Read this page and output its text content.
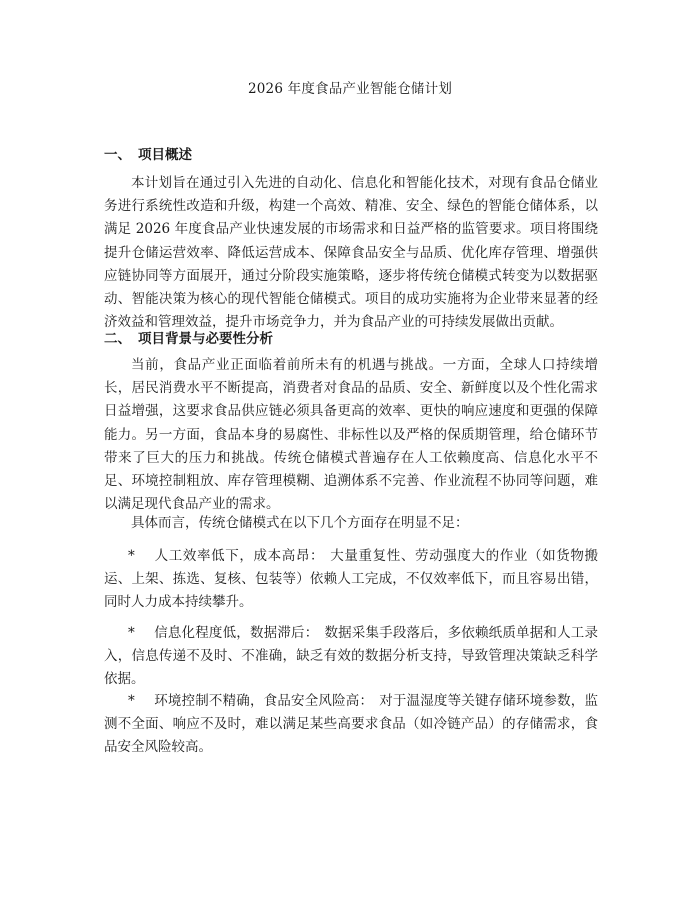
2026 年度食品产业智能仓储计划
一、 项目概述
本计划旨在通过引入先进的自动化、信息化和智能化技术，对现有食品仓储业务进行系统性改造和升级，构建一个高效、精准、安全、绿色的智能仓储体系，以满足 2026 年度食品产业快速发展的市场需求和日益严格的监管要求。项目将围绕提升仓储运营效率、降低运营成本、保障食品安全与品质、优化库存管理、增强供应链协同等方面展开，通过分阶段实施策略，逐步将传统仓储模式转变为以数据驱动、智能决策为核心的现代智能仓储模式。项目的成功实施将为企业带来显著的经济效益和管理效益，提升市场竞争力，并为食品产业的可持续发展做出贡献。
二、 项目背景与必要性分析
当前，食品产业正面临着前所未有的机遇与挑战。一方面，全球人口持续增长，居民消费水平不断提高，消费者对食品的品质、安全、新鲜度以及个性化需求日益增强，这要求食品供应链必须具备更高的效率、更快的响应速度和更强的保障能力。另一方面，食品本身的易腐性、非标性以及严格的保质期管理，给仓储环节带来了巨大的压力和挑战。传统仓储模式普遍存在人工依赖度高、信息化水平不足、环境控制粗放、库存管理模糊、追溯体系不完善、作业流程不协同等问题，难以满足现代食品产业的需求。
具体而言，传统仓储模式在以下几个方面存在明显不足：
* 人工效率低下，成本高昂： 大量重复性、劳动强度大的作业（如货物搬运、上架、拣选、复核、包装等）依赖人工完成，不仅效率低下，而且容易出错，同时人力成本持续攀升。
* 信息化程度低，数据滞后： 数据采集手段落后，多依赖纸质单据和人工录入，信息传递不及时、不准确，缺乏有效的数据分析支持，导致管理决策缺乏科学依据。
* 环境控制不精确，食品安全风险高： 对于温湿度等关键存储环境参数，监测不全面、响应不及时，难以满足某些高要求食品（如冷链产品）的存储需求，食品安全风险较高。
